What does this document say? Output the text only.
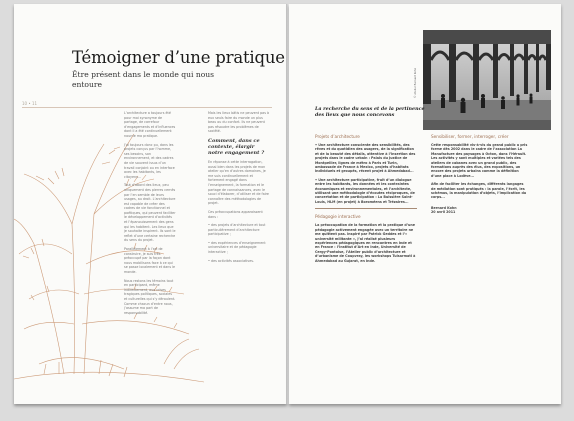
Témoigner d’une pratique

Être présent dans le monde qui nous entoure

10 • 11

L’architecture a toujours été pour moi synonyme de partage, de carrefour d’engagements et d’influences dont il a été continuellement nourrie ma pratique.

J’ai toujours donc pu, dans les projets conçus par l’homme, ses besoins, son environnement, et des cadres de vie souvent issus d’un travail conjoint ou en interface avec les habitants, les citoyens...

Tout d’abord des lieux, peu uniquement des pierres cernés par l’en semble de leurs usages, au droit. L’architecture est capable de créer des cadres de vie fonctionnel et poétiques, qui peuvent faciliter le développement d’activités et l’épanouissement des gens qui les habitent. Les lieux que je souhaite inspirent. Ils sont le reflet d’une certaine recherche du sens du projet.

Parallèlement à l’art de construire, je suis très préoccupé par la façon dont nous mobilisons face à ce qui se passe localement et dans le monde.

Nous restons les témoins tout en participant, même indirectement, aux crises tragiques politiques, sociales et culturelles qui s’y déroulent. Comme chacun d’entre nous, j’assume ma part de responsabilité.

Mais les lieux bâtis ne peuvent pas à eux seuls faire du monde un plus beau ou du confort. Ils ne peuvent pas résoudre les problèmes de société.

Comment, dans ce contexte, élargir notre engagement ?

En réponse à cette interrogation, aussi bien dans les projets de mon atelier qu’en d’autres domaines, je me suis continuellement et fortement engagé dans l’enseignement, la formation et le partage de connaissances, avec le souci d’élaborer, d’utiliser et de faire connaître des méthodologies de projet.

Ces préoccupations apparaissent dans :

• des projets d’architecture et tout particulièrement d’architecture participative ;

• des expériences d’enseignement universitaire et de pédagogie interactive ;

• des activités associatives.

© Atelier Bernard Kohn

La recherche du sens et de la pertinence des lieux que nous concevons

Projets d’architecture

• Une architecture consciente des sensibilités, des rêves et du quotidien des usagers, de la signification et de la beauté des détails, attentive à l’insertion des projets dans le cadre urbain : Palais du Justice de Montpellier, lignes de métro à Paris et Turin, ambassade de France à Mexico, projets d’habitats individuels et groupés, récent projet à Ahmedabad...

• Une architecture participative, fruit d’un dialogue entre les habitants, les données et les contraintes économiques et environnementales, et l’architecte, utilisant une méthodologie d’écoutes réciproques, de concertation et de participation : La Buissière Saint-Louis, HLM (en projet) à Boroméens et Trézaires...

Pédagogie interactive

La préoccupation de la formation et la pratique d’une pédagogie activement engagée avec un territoire ne me quittent pas. Inspiré par Patrick Geddes et l’« université militante », j’ai réalisé plusieurs expériences pédagogiques en rencontres en Inde et en France : l’Institut d’Art en Inde, Université de Cergy-Pontoise, l’Atelier public d’architecture et d’urbanisme de Coupvray, les workshops Tulsarmati à Ahmedabad au Gujarat, en Inde.

Sensibiliser, former, interroger, créer

Cette responsabilité vis-à-vis du grand public a pris forme dès 2002 dans le cadre de l’association La Manufacture des paysages à Octon, dans l’Hérault. Les activités y sont multiples et variées tels des ateliers de cabanes avec un grand public, des formations auprès des élus, des expositions, un encore des projets urbains comme la définition d’une place à Lodève...

Afin de faciliter les échanges, différents langages de médiation sont pratiqués : la parole, l’écrit, les schémas, la manipulation d’objets, l’implication du corps...

Bernard Kohn
20 avril 2011
